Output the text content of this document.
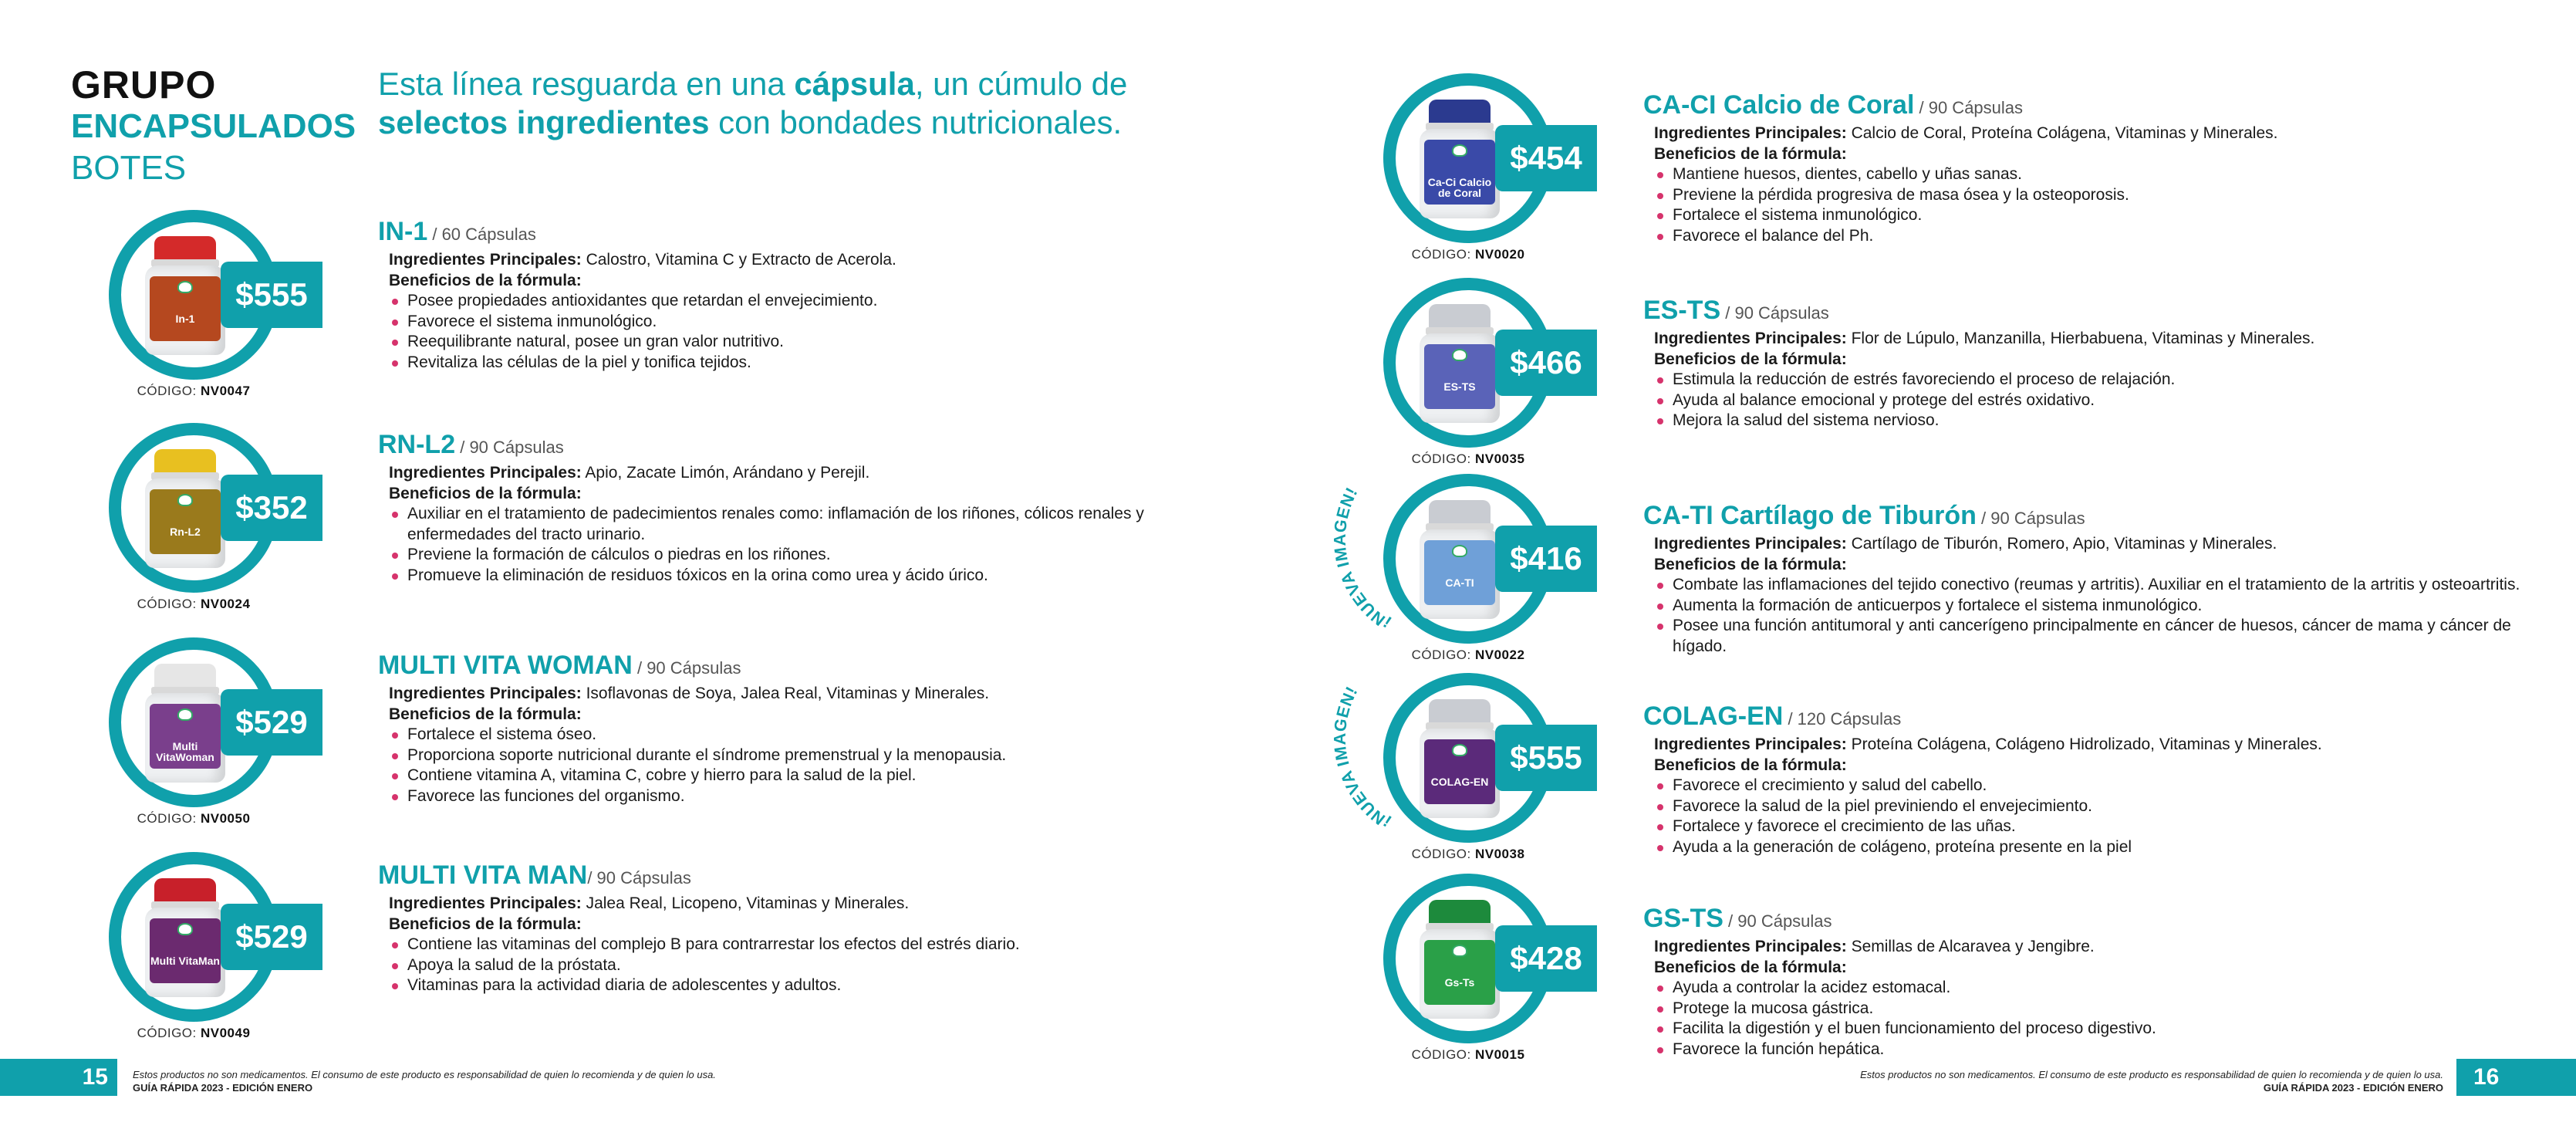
GRUPO
ENCAPSULADOS
BOTES
Esta línea resguarda en una cápsula, un cúmulo de
selectos ingredientes con bondades nutricionales.
In-1
$555
CÓDIGO: NV0047
Rn-L2
$352
CÓDIGO: NV0024
Multi VitaWoman
$529
CÓDIGO: NV0050
Multi VitaMan
$529
CÓDIGO: NV0049
Ca-Ci Calcio de Coral
$454
CÓDIGO: NV0020
ES-TS
$466
CÓDIGO: NV0035
CA-TI
$416
CÓDIGO: NV0022
COLAG-EN
$555
CÓDIGO: NV0038
Gs-Ts
$428
CÓDIGO: NV0015
IN-1 / 60 Cápsulas
Ingredientes Principales: Calostro, Vitamina C y Extracto de Acerola.
Beneficios de la fórmula:
Posee propiedades antioxidantes que retardan el envejecimiento.
Favorece el sistema inmunológico.
Reequilibrante natural, posee un gran valor nutritivo.
Revitaliza las células de la piel y tonifica tejidos.
RN-L2 / 90 Cápsulas
Ingredientes Principales: Apio, Zacate Limón, Arándano y Perejil.
Beneficios de la fórmula:
Auxiliar en el tratamiento de padecimientos renales como: inflamación de los riñones, cólicos renales y enfermedades del tracto urinario.
Previene la formación de cálculos o piedras en los riñones.
Promueve la eliminación de residuos tóxicos en la orina como urea y ácido úrico.
MULTI VITA WOMAN / 90 Cápsulas
Ingredientes Principales: Isoflavonas de Soya, Jalea Real, Vitaminas y Minerales.
Beneficios de la fórmula:
Fortalece el sistema óseo.
Proporciona soporte nutricional durante el síndrome premenstrual y la menopausia.
Contiene vitamina A, vitamina C, cobre y hierro para la salud de la piel.
Favorece las funciones del organismo.
MULTI VITA MAN/ 90 Cápsulas
Ingredientes Principales: Jalea Real, Licopeno, Vitaminas y Minerales.
Beneficios de la fórmula:
Contiene las vitaminas del complejo B para contrarrestar los efectos del estrés diario.
Apoya la salud de la próstata.
Vitaminas para la actividad diaria de adolescentes y adultos.
CA-CI Calcio de Coral / 90 Cápsulas
Ingredientes Principales: Calcio de Coral, Proteína Colágena, Vitaminas y Minerales.
Beneficios de la fórmula:
Mantiene huesos, dientes, cabello y uñas sanas.
Previene la pérdida progresiva de masa ósea y la osteoporosis.
Fortalece el sistema inmunológico.
Favorece el balance del Ph.
ES-TS / 90 Cápsulas
Ingredientes Principales: Flor de Lúpulo, Manzanilla, Hierbabuena, Vitaminas y Minerales.
Beneficios de la fórmula:
Estimula la reducción de estrés favoreciendo el proceso de relajación.
Ayuda al balance emocional y protege del estrés oxidativo.
Mejora la salud del sistema nervioso.
CA-TI Cartílago de Tiburón / 90 Cápsulas
Ingredientes Principales: Cartílago de Tiburón, Romero, Apio, Vitaminas y Minerales.
Beneficios de la fórmula:
Combate las inflamaciones del tejido conectivo (reumas y artritis). Auxiliar en el tratamiento de la artritis y osteoartritis.
Aumenta la formación de anticuerpos y fortalece el sistema inmunológico.
Posee una función antitumoral y anti cancerígeno principalmente en cáncer de huesos, cáncer de mama y cáncer de hígado.
COLAG-EN / 120 Cápsulas
Ingredientes Principales: Proteína Colágena, Colágeno Hidrolizado, Vitaminas y Minerales.
Beneficios de la fórmula:
Favorece el crecimiento y salud del cabello.
Favorece la salud de la piel previniendo el envejecimiento.
Fortalece y favorece el crecimiento de las uñas.
Ayuda a la generación de colágeno, proteína presente en la piel
GS-TS / 90 Cápsulas
Ingredientes Principales: Semillas de Alcaravea y Jengibre.
Beneficios de la fórmula:
Ayuda a controlar la acidez estomacal.
Protege la mucosa gástrica.
Facilita la digestión y el buen funcionamiento del proceso digestivo.
Favorece la función hepática.
¡NUEVA IMAGEN!
¡NUEVA IMAGEN!
15	Estos productos no son medicamentos. El consumo de este producto es responsabilidad de quien lo recomienda y de quien lo usa.
GUÍA RÁPIDA 2023 - EDICIÓN ENERO
Estos productos no son medicamentos. El consumo de este producto es responsabilidad de quien lo recomienda y de quien lo usa.
GUÍA RÁPIDA 2023 - EDICIÓN ENERO	16
